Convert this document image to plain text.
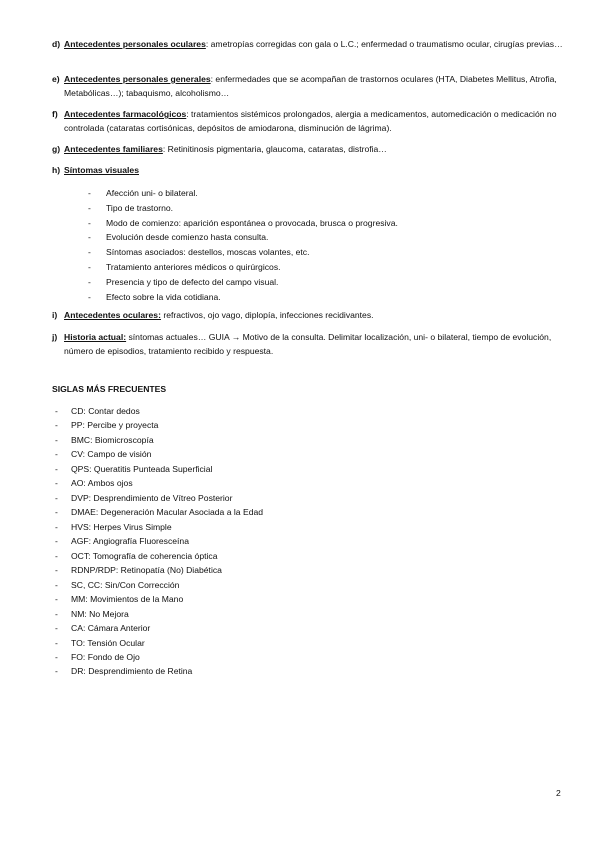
d) Antecedentes personales oculares: ametropías corregidas con gala o L.C.; enfermedad o traumatismo ocular, cirugías previas…
e) Antecedentes personales generales: enfermedades que se acompañan de trastornos oculares (HTA, Diabetes Mellitus, Atrofia, Metabólicas…); tabaquismo, alcoholismo…
f) Antecedentes farmacológicos: tratamientos sistémicos prolongados, alergia a medicamentos, automedicación o medicación no controlada (cataratas cortisónicas, depósitos de amiodarona, disminución de lágrima).
g) Antecedentes familiares: Retinitinosis pigmentaria, glaucoma, cataratas, distrofia…
h) Síntomas visuales
- Afección uni- o bilateral.
- Tipo de trastorno.
- Modo de comienzo: aparición espontánea o provocada, brusca o progresiva.
- Evolución desde comienzo hasta consulta.
- Síntomas asociados: destellos, moscas volantes, etc.
- Tratamiento anteriores médicos o quirúrgicos.
- Presencia y tipo de defecto del campo visual.
- Efecto sobre la vida cotidiana.
i) Antecedentes oculares: refractivos, ojo vago, diplopía, infecciones recidivantes.
j) Historia actual: síntomas actuales… GUIA → Motivo de la consulta. Delimitar localización, uni- o bilateral, tiempo de evolución, número de episodios, tratamiento recibido y respuesta.
SIGLAS MÁS FRECUENTES
- CD: Contar dedos
- PP: Percibe y proyecta
- BMC: Biomicroscopía
- CV: Campo de visión
- QPS: Queratitis Punteada Superficial
- AO: Ambos ojos
- DVP: Desprendimiento de Vítreo Posterior
- DMAE: Degeneración Macular Asociada a la Edad
- HVS: Herpes Virus Simple
- AGF: Angiografía Fluoresceína
- OCT: Tomografía de coherencia óptica
- RDNP/RDP: Retinopatía (No) Diabética
- SC, CC: Sin/Con Corrección
- MM: Movimientos de la Mano
- NM: No Mejora
- CA: Cámara Anterior
- TO: Tensión Ocular
- FO: Fondo de Ojo
- DR: Desprendimiento de Retina
2
